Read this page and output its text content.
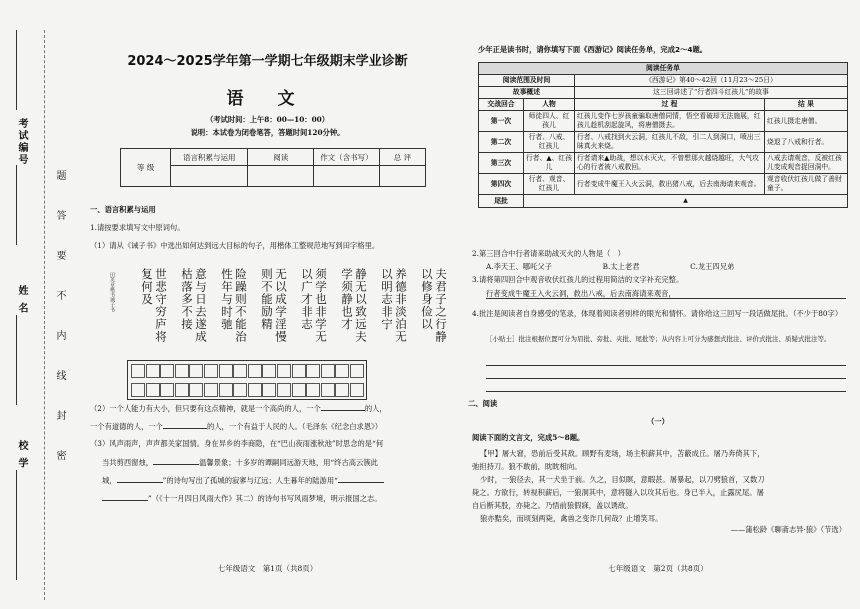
考试编号
姓 名
校 学
题
答
要
不
内
线
封
密
2024～2025学年第一学期七年级期末学业诊断
语 文
（考试时间：上午8：00—10：00）
说明：本试卷为闭卷笔答，答题时间120分钟。
等 级	语言积累与运用	阅读	作文（含书写）	总 评

一、语言积累与运用
1.请按要求填写文中原词句。
（1）请从《诫子书》中选出如何达到远大目标的句子，用楷体工整规范地写到田字格里。
夫君子之行静以修身俭以
养德非淡泊无以明志非宁
静无以致远夫学须静也才
须学也非学无以广才非志
无以成学淫慢则不能励精
险躁则不能治性年与时驰
意与日去遂成枯落多不接
世悲守穷庐将复何及
田英章楷书诫子书
（2）一个人能力有大小，但只要有这点精神，就是一个高尚的人，一个	的人，
一个有道德的人，一个	的人，一个有益于人民的人。（毛泽东《纪念白求恩》）
（3）风声雨声，声声都关家国情。身在异乡的李商隐，在“巴山夜雨涨秋池”时思念的是“何
当共剪西窗烛，	温馨景象；十多岁的谭嗣同远游天地，用“终古高云簇此
城，	”的诗句写出了孤城的寂寥与辽远；人生暮年的陆游用“
”（《十一月四日风雨大作》其二）的诗句书写风雨梦境，明示报国之志。
七年级语文　第1页（共8页）
少年正是读书时，请你填写下面《西游记》阅读任务单，完成2～4题。
阅读任务单			
阅读范围及时间		《西游记》第40～42回（11月23～25日）	
故事概述		这三回讲述了“行者四斗红孩儿”的故事	
交战回合	人物	过 程	结 果
第一次	师徒四人、红孩儿	红孩儿变作七岁孩童骗取唐僧同情，悟空看破却无法施展，红孩儿趁机刮起旋风，将唐僧摄去。	红孩儿摄走唐僧。
第二次	行者、八戒、红孩儿	行者、八戒找到火云洞，红孩儿不敌，引二人到洞口，喷出三昧真火来烧。	烧退了八戒和行者。
第三次	行者、▲、红孩儿	行者请来▲助战，想以水灭火，不曾想那火越烧越旺，大气攻心的行者被八戒救回。	八戒去请观音，反被红孩儿变成观音捉回洞中。
第四次	行者、观音、红孩儿	行者变成牛魔王入火云洞，救出猪八戒，后去南海请来观音。	观音收伏红孩儿做了善财童子。
尾批	▲		
2.第三回合中行者请来助战灭火的人物是（　）
A.李天王、哪吒父子	B.太上老君	C.龙王四兄弟
3.请将第四回合中观音收伏红孩儿的过程用简洁的文字补充完整。
行者变成牛魔王入火云洞，救出八戒，后去南海请来观音，
4.批注是阅读者自身感受的笔录，体现着阅读者别样的眼光和情怀。请你给这三回写一段话做尾批。（不少于80字）
［小贴士］批注根据位置可分为眉批、旁批、夹批、尾批等；从内容上可分为感想式批注、评价式批注、质疑式批注等。
二、阅读
（一）
阅读下面的文言文，完成5～8题。
【甲】屠大窘，恐前后受其敌。顾野有麦场，场主积薪其中，苫蔽成丘。屠乃奔倚其下，
弛担持刀。狼不敢前，眈眈相向。
少时，一狼径去，其一犬坐于前。久之，目似瞑，意暇甚。屠暴起，以刀劈狼首，又数刀
毙之。方欲行，转视积薪后，一狼洞其中，意将隧入以攻其后也。身已半入，止露尻尾。屠
自后断其股，亦毙之。乃悟前狼假寐，盖以诱敌。
狼亦黠矣，而顷刻两毙，禽兽之变诈几何哉？止增笑耳。
——蒲松龄《聊斋志异·狼》（节选）
七年级语文　第2页（共8页）
